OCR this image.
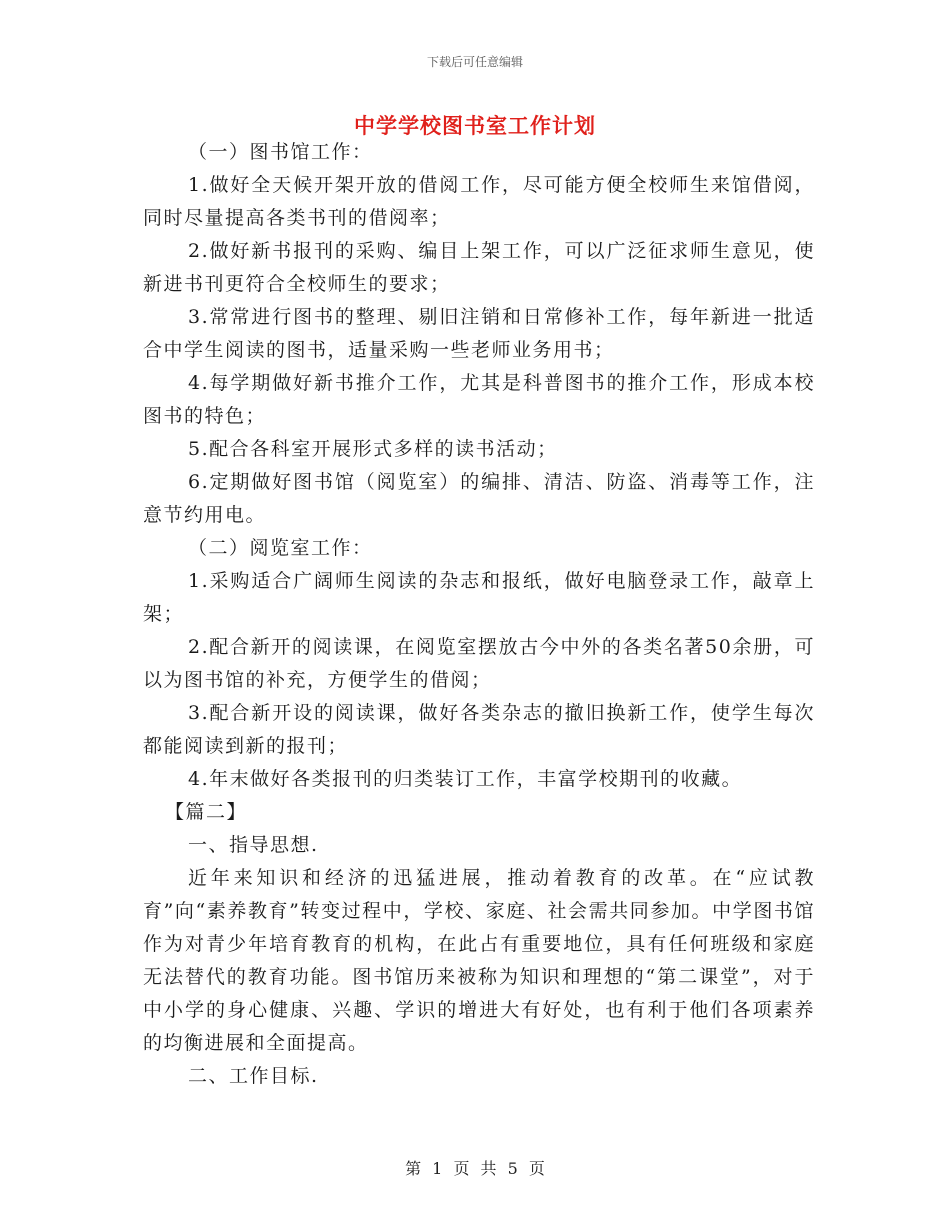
下载后可任意编辑
中学学校图书室工作计划

（一）图书馆工作：

1.做好全天候开架开放的借阅工作，尽可能方便全校师生来馆借阅，同时尽量提高各类书刊的借阅率；

2.做好新书报刊的采购、编目上架工作，可以广泛征求师生意见，使新进书刊更符合全校师生的要求；

3.常常进行图书的整理、剔旧注销和日常修补工作，每年新进一批适合中学生阅读的图书，适量采购一些老师业务用书；

4.每学期做好新书推介工作，尤其是科普图书的推介工作，形成本校图书的特色；

5.配合各科室开展形式多样的读书活动；

6.定期做好图书馆（阅览室）的编排、清洁、防盗、消毒等工作，注意节约用电。

（二）阅览室工作：

1.采购适合广阔师生阅读的杂志和报纸，做好电脑登录工作，敲章上架；

2.配合新开的阅读课，在阅览室摆放古今中外的各类名著50余册，可以为图书馆的补充，方便学生的借阅；

3.配合新开设的阅读课，做好各类杂志的撤旧换新工作，使学生每次都能阅读到新的报刊；

4.年末做好各类报刊的归类装订工作，丰富学校期刊的收藏。

【篇二】

一、指导思想.

近年来知识和经济的迅猛进展，推动着教育的改革。在“应试教育”向“素养教育”转变过程中，学校、家庭、社会需共同参加。中学图书馆作为对青少年培育教育的机构，在此占有重要地位，具有任何班级和家庭无法替代的教育功能。图书馆历来被称为知识和理想的“第二课堂”，对于中小学的身心健康、兴趣、学识的增进大有好处，也有利于他们各项素养的均衡进展和全面提高。

二、工作目标.

第 1 页 共 5 页
